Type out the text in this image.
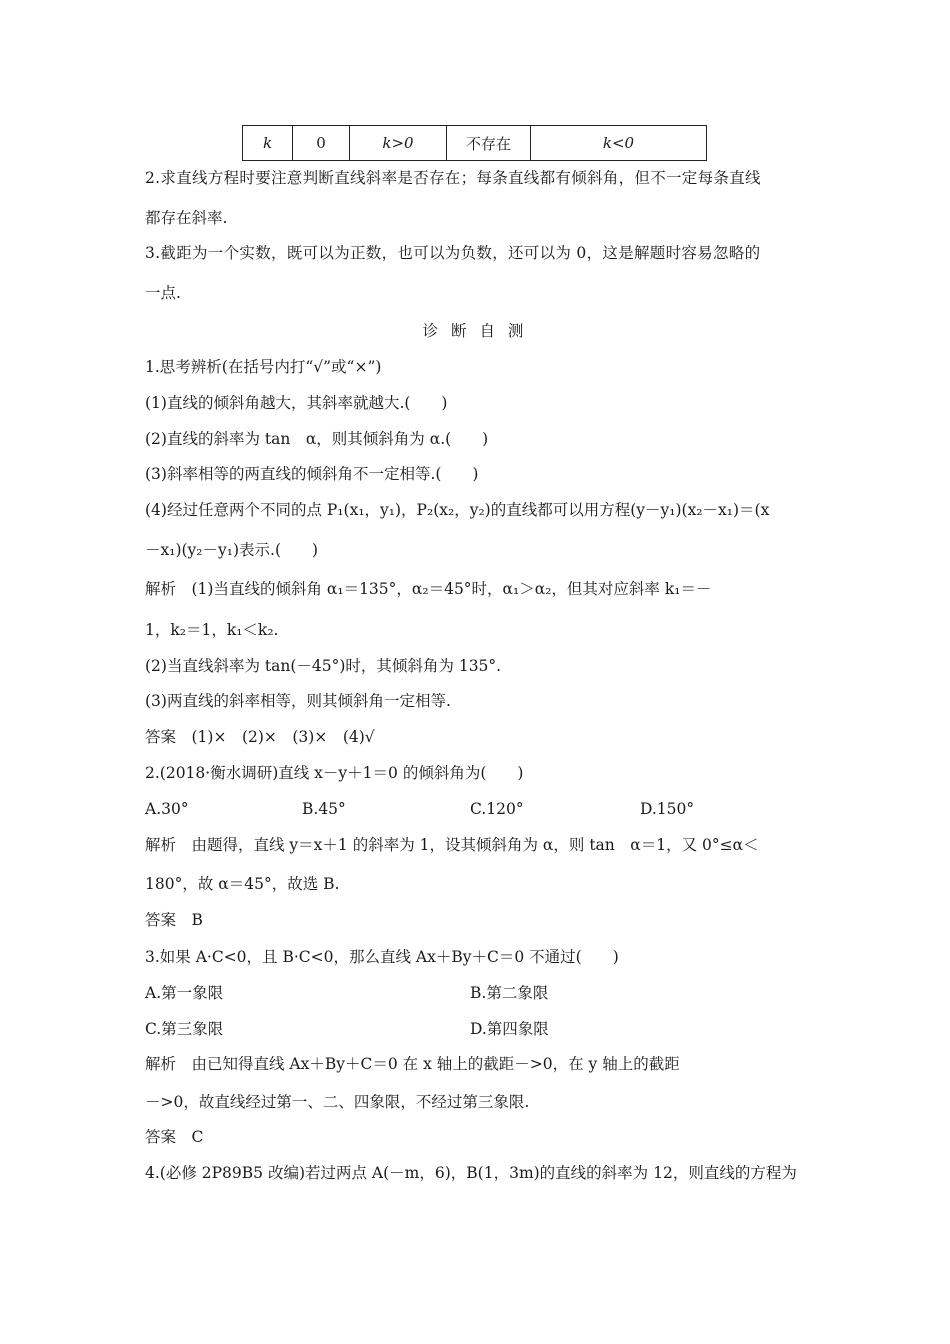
k	0	k>0	不存在	k<0
2.求直线方程时要注意判断直线斜率是否存在；每条直线都有倾斜角，但不一定每条直线
都存在斜率.
3.截距为一个实数，既可以为正数，也可以为负数，还可以为 0，这是解题时容易忽略的
一点.
诊 断 自 测
1.思考辨析(在括号内打“√”或“×”)
(1)直线的倾斜角越大，其斜率就越大.(　　)
(2)直线的斜率为 tan　α，则其倾斜角为 α.(　　)
(3)斜率相等的两直线的倾斜角不一定相等.(　　)
(4)经过任意两个不同的点 P₁(x₁，y₁)，P₂(x₂，y₂)的直线都可以用方程(y－y₁)(x₂－x₁)＝(x
－x₁)(y₂－y₁)表示.(　　)
解析　(1)当直线的倾斜角 α₁＝135°，α₂＝45°时，α₁＞α₂，但其对应斜率 k₁＝－
1，k₂＝1，k₁＜k₂.
(2)当直线斜率为 tan(－45°)时，其倾斜角为 135°.
(3)两直线的斜率相等，则其倾斜角一定相等.
答案　(1)×　(2)×　(3)×　(4)√
2.(2018·衡水调研)直线 x－y＋1＝0 的倾斜角为(　　)
A.30°	B.45°	C.120°	D.150°
解析　由题得，直线 y＝x＋1 的斜率为 1，设其倾斜角为 α，则 tan　α＝1，又 0°≤α＜
180°，故 α＝45°，故选 B.
答案　B
3.如果 A·C<0，且 B·C<0，那么直线 Ax＋By＋C＝0 不通过(　　)
A.第一象限	B.第二象限
C.第三象限	D.第四象限
解析　由已知得直线 Ax＋By＋C＝0 在 x 轴上的截距－>0，在 y 轴上的截距
－>0，故直线经过第一、二、四象限，不经过第三象限.
答案　C
4.(必修 2P89B5 改编)若过两点 A(－m，6)，B(1，3m)的直线的斜率为 12，则直线的方程为
